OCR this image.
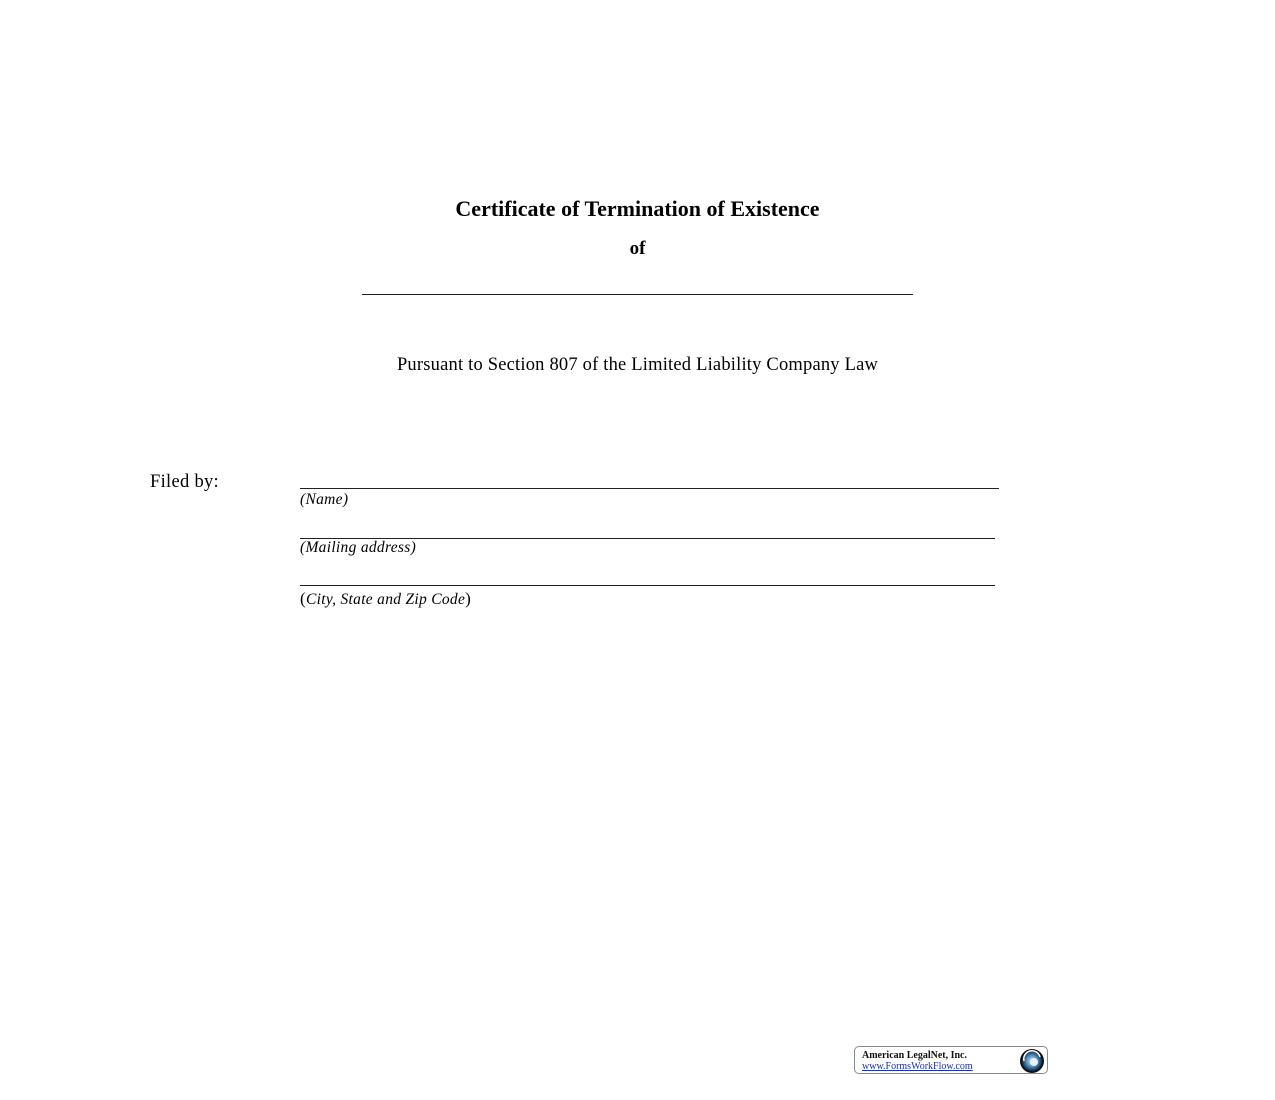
Certificate of Termination of Existence
of
Pursuant to Section 807 of the Limited Liability Company Law
Filed by:
(Name)
(Mailing address)
(City, State and Zip Code)
American LegalNet, Inc.
www.FormsWorkFlow.com
